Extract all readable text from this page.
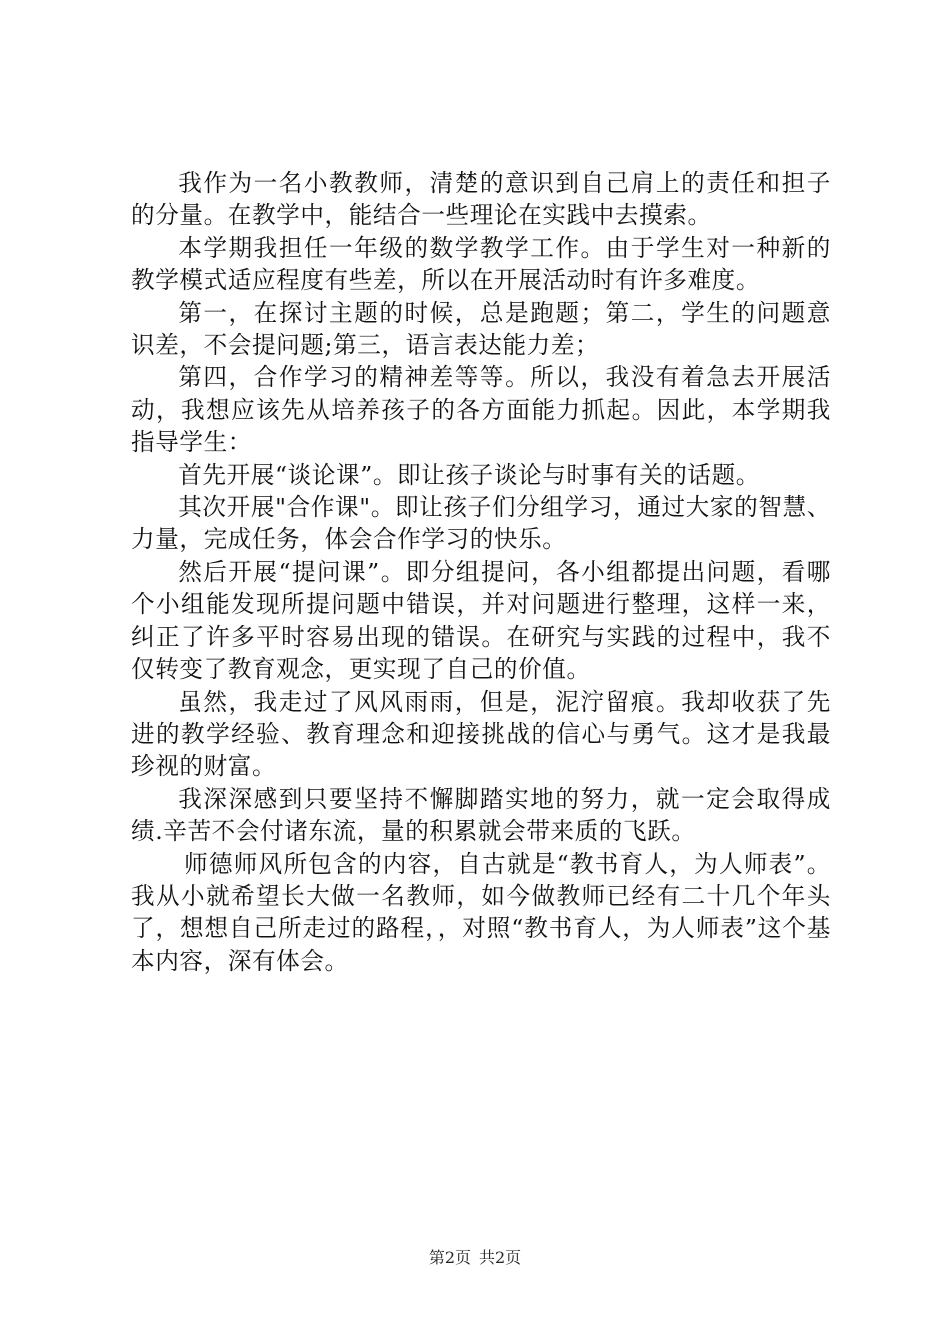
我作为一名小教教师，清楚的意识到自己肩上的责任和担子的分量。在教学中，能结合一些理论在实践中去摸索。

本学期我担任一年级的数学教学工作。由于学生对一种新的教学模式适应程度有些差，所以在开展活动时有许多难度。

第一，在探讨主题的时候，总是跑题；第二，学生的问题意识差，不会提问题;第三，语言表达能力差；

第四，合作学习的精神差等等。所以，我没有着急去开展活动，我想应该先从培养孩子的各方面能力抓起。因此，本学期我指导学生：

首先开展“谈论课”。即让孩子谈论与时事有关的话题。

其次开展"合作课"。即让孩子们分组学习，通过大家的智慧、力量，完成任务，体会合作学习的快乐。

然后开展“提问课”。即分组提问，各小组都提出问题，看哪个小组能发现所提问题中错误，并对问题进行整理，这样一来，纠正了许多平时容易出现的错误。在研究与实践的过程中，我不仅转变了教育观念，更实现了自己的价值。

虽然，我走过了风风雨雨，但是，泥泞留痕。我却收获了先进的教学经验、教育理念和迎接挑战的信心与勇气。这才是我最珍视的财富。

我深深感到只要坚持不懈脚踏实地的努力，就一定会取得成绩.辛苦不会付诸东流，量的积累就会带来质的飞跃。

师德师风所包含的内容，自古就是“教书育人，为人师表”。我从小就希望长大做一名教师，如今做教师已经有二十几个年头了，想想自己所走过的路程，，对照“教书育人，为人师表”这个基本内容，深有体会。

第2页 共2页
